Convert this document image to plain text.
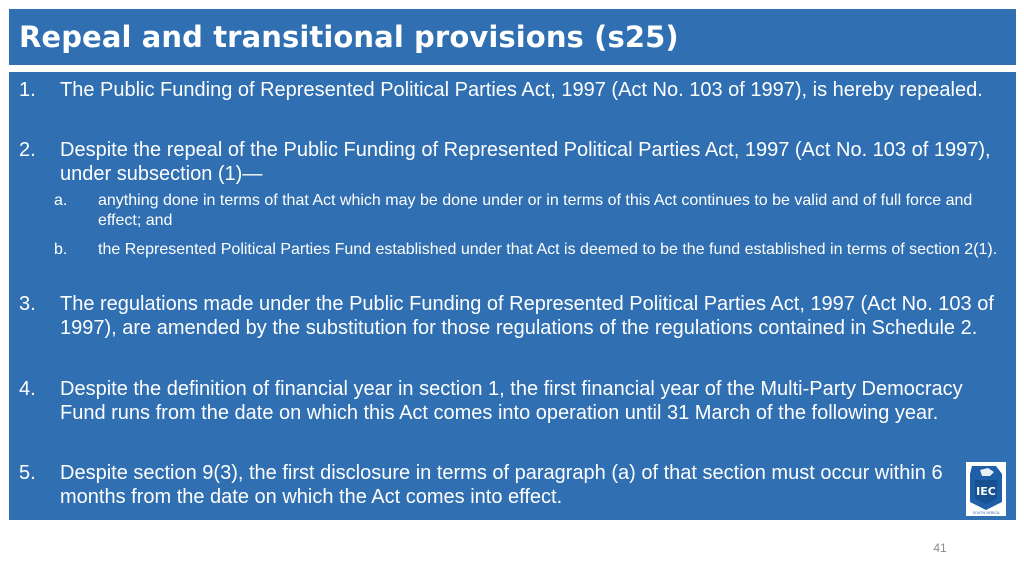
Repeal and transitional provisions (s25)
1. The Public Funding of Represented Political Parties Act, 1997 (Act No. 103 of 1997), is hereby repealed.
2. Despite the repeal of the Public Funding of Represented Political Parties Act, 1997 (Act No. 103 of 1997), under subsection (1)—
a. anything done in terms of that Act which may be done under or in terms of this Act continues to be valid and of full force and effect; and
b. the Represented Political Parties Fund established under that Act is deemed to be the fund established in terms of section 2(1).
3. The regulations made under the Public Funding of Represented Political Parties Act, 1997 (Act No. 103 of 1997), are amended by the substitution for those regulations of the regulations contained in Schedule 2.
4. Despite the definition of financial year in section 1, the first financial year of the Multi-Party Democracy Fund runs from the date on which this Act comes into operation until 31 March of the following year.
5. Despite section 9(3), the first disclosure in terms of paragraph (a) of that section must occur within 6 months from the date on which the Act comes into effect.	IEC
SOUTH AFRICA
41
